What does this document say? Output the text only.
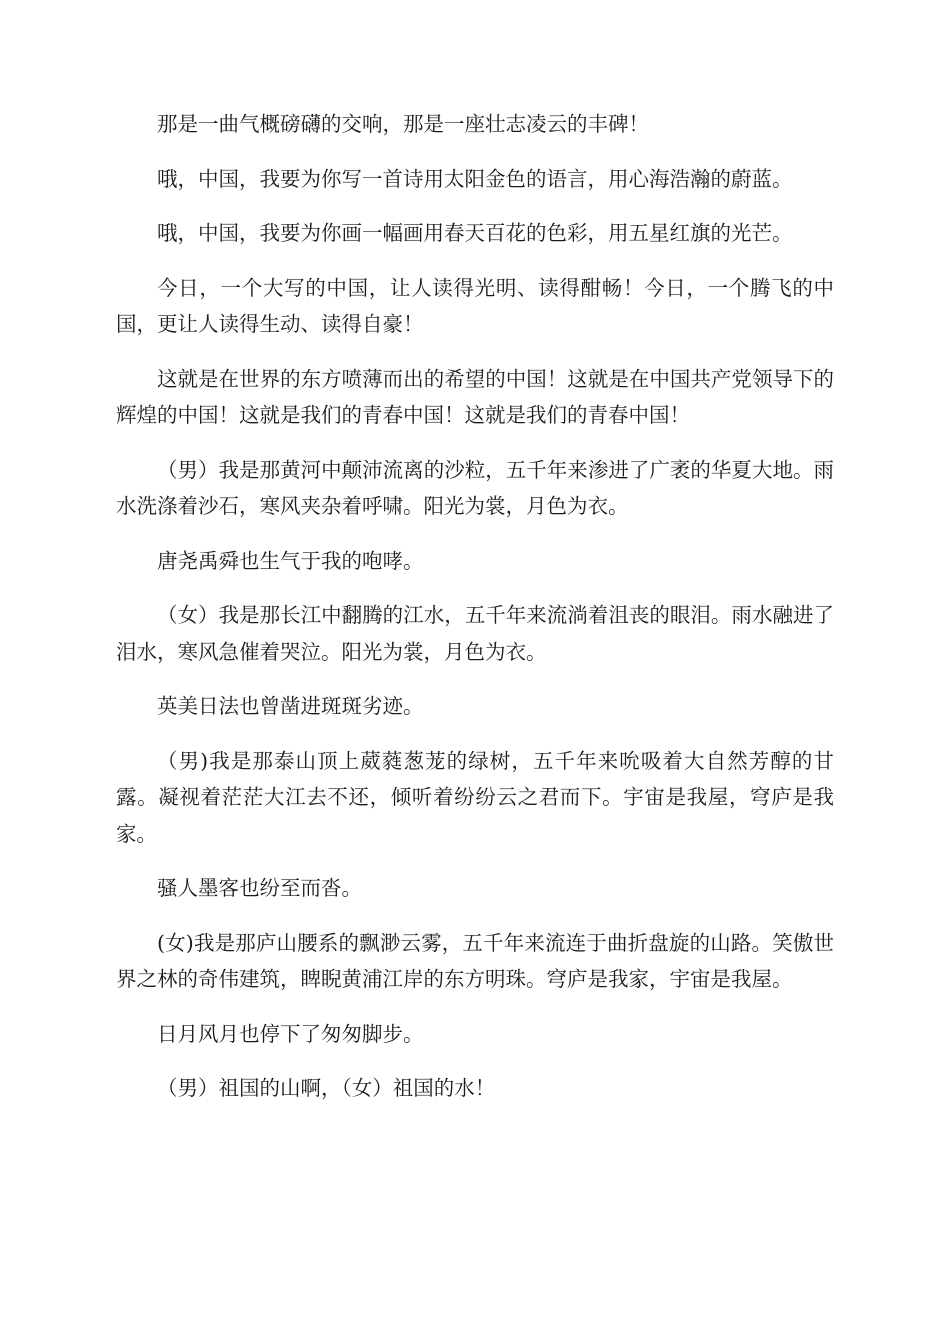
那是一曲气概磅礴的交响，那是一座壮志凌云的丰碑！

哦，中国，我要为你写一首诗用太阳金色的语言，用心海浩瀚的蔚蓝。

哦，中国，我要为你画一幅画用春天百花的色彩，用五星红旗的光芒。

今日，一个大写的中国，让人读得光明、读得酣畅！今日，一个腾飞的中国，更让人读得生动、读得自豪！

这就是在世界的东方喷薄而出的希望的中国！这就是在中国共产党领导下的辉煌的中国！这就是我们的青春中国！这就是我们的青春中国！

（男）我是那黄河中颠沛流离的沙粒，五千年来渗进了广袤的华夏大地。雨水洗涤着沙石，寒风夹杂着呼啸。阳光为裳，月色为衣。

唐尧禹舜也生气于我的咆哮。

（女）我是那长江中翻腾的江水，五千年来流淌着沮丧的眼泪。雨水融进了泪水，寒风急催着哭泣。阳光为裳，月色为衣。

英美日法也曾凿进斑斑劣迹。

（男)我是那泰山顶上葳蕤葱茏的绿树，五千年来吮吸着大自然芳醇的甘露。凝视着茫茫大江去不还，倾听着纷纷云之君而下。宇宙是我屋，穹庐是我家。

骚人墨客也纷至而沓。

(女)我是那庐山腰系的飘渺云雾，五千年来流连于曲折盘旋的山路。笑傲世界之林的奇伟建筑，睥睨黄浦江岸的东方明珠。穹庐是我家，宇宙是我屋。

日月风月也停下了匆匆脚步。

（男）祖国的山啊，（女）祖国的水！
